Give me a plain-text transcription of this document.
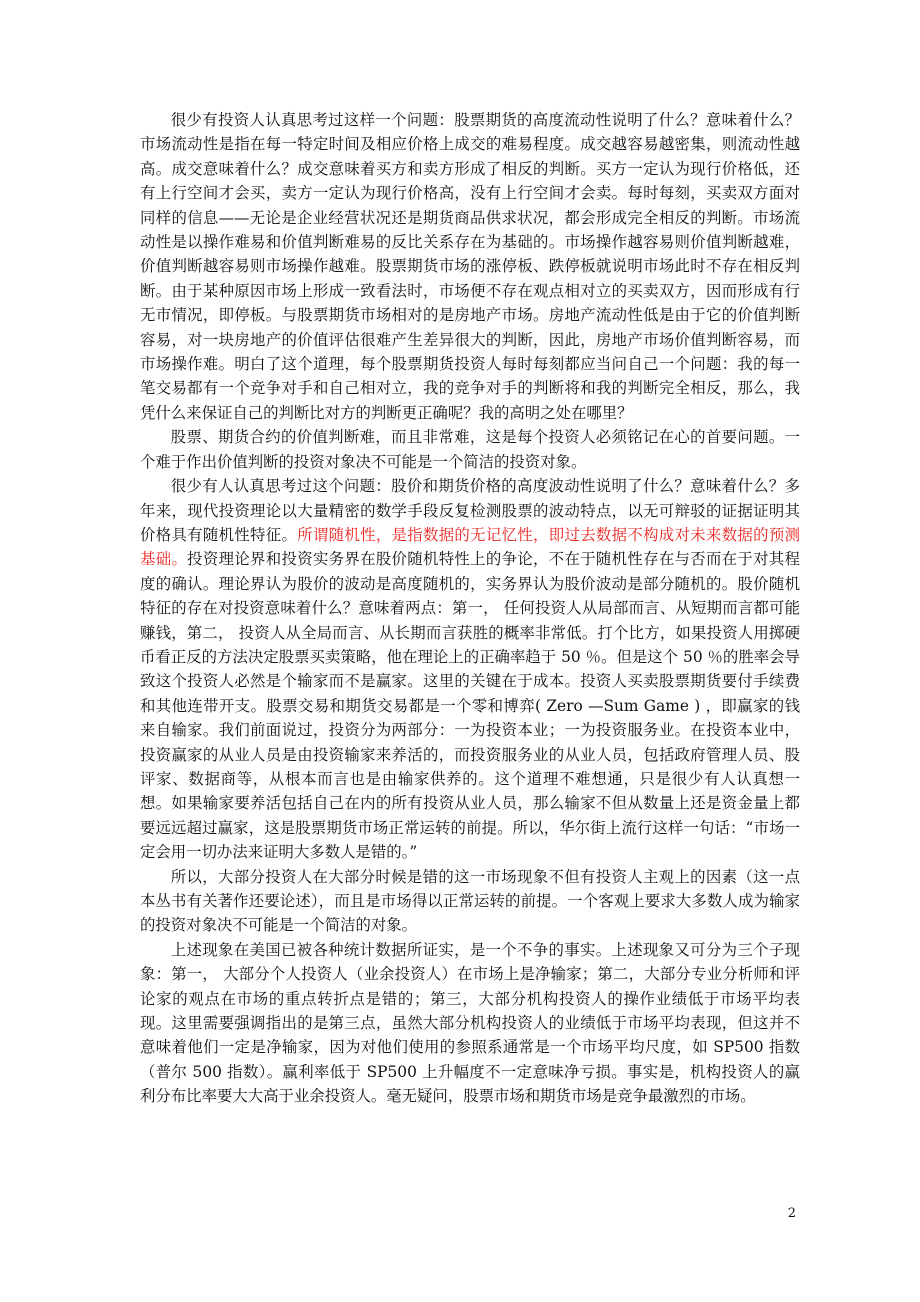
很少有投资人认真思考过这样一个问题：股票期货的高度流动性说明了什么？意味着什么？市场流动性是指在每一特定时间及相应价格上成交的难易程度。成交越容易越密集，则流动性越高。成交意味着什么？成交意味着买方和卖方形成了相反的判断。买方一定认为现行价格低，还有上行空间才会买，卖方一定认为现行价格高，没有上行空间才会卖。每时每刻，买卖双方面对同样的信息——无论是企业经营状况还是期货商品供求状况，都会形成完全相反的判断。市场流动性是以操作难易和价值判断难易的反比关系存在为基础的。市场操作越容易则价值判断越难，价值判断越容易则市场操作越难。股票期货市场的涨停板、跌停板就说明市场此时不存在相反判断。由于某种原因市场上形成一致看法时，市场便不存在观点相对立的买卖双方，因而形成有行无市情况，即停板。与股票期货市场相对的是房地产市场。房地产流动性低是由于它的价值判断容易，对一块房地产的价值评估很难产生差异很大的判断，因此，房地产市场价值判断容易，而市场操作难。明白了这个道理，每个股票期货投资人每时每刻都应当问自己一个问题：我的每一笔交易都有一个竞争对手和自己相对立，我的竞争对手的判断将和我的判断完全相反，那么，我凭什么来保证自己的判断比对方的判断更正确呢？我的高明之处在哪里？

股票、期货合约的价值判断难，而且非常难，这是每个投资人必须铭记在心的首要问题。一个难于作出价值判断的投资对象决不可能是一个简洁的投资对象。

很少有人认真思考过这个问题：股价和期货价格的高度波动性说明了什么？意味着什么？多年来，现代投资理论以大量精密的数学手段反复检测股票的波动特点，以无可辩驳的证据证明其价格具有随机性特征。所谓随机性，是指数据的无记忆性，即过去数据不构成对未来数据的预测基础。投资理论界和投资实务界在股价随机特性上的争论，不在于随机性存在与否而在于对其程度的确认。理论界认为股价的波动是高度随机的，实务界认为股价波动是部分随机的。股价随机特征的存在对投资意味着什么？意味着两点：第一， 任何投资人从局部而言、从短期而言都可能赚钱，第二， 投资人从全局而言、从长期而言获胜的概率非常低。打个比方，如果投资人用掷硬币看正反的方法决定股票买卖策略，他在理论上的正确率趋于 50 ％。但是这个 50 ％的胜率会导致这个投资人必然是个输家而不是赢家。这里的关键在于成本。投资人买卖股票期货要付手续费和其他连带开支。股票交易和期货交易都是一个零和博弈( Zero —Sum Game ) ，即赢家的钱来自输家。我们前面说过，投资分为两部分：一为投资本业；一为投资服务业。在投资本业中，投资赢家的从业人员是由投资输家来养活的，而投资服务业的从业人员，包括政府管理人员、股评家、数据商等，从根本而言也是由输家供养的。这个道理不难想通，只是很少有人认真想一想。如果输家要养活包括自己在内的所有投资从业人员，那么输家不但从数量上还是资金量上都要远远超过赢家，这是股票期货市场正常运转的前提。所以，华尔街上流行这样一句话：“市场一定会用一切办法来证明大多数人是错的。”

所以，大部分投资人在大部分时候是错的这一市场现象不但有投资人主观上的因素（这一点本丛书有关著作还要论述），而且是市场得以正常运转的前提。一个客观上要求大多数人成为输家的投资对象决不可能是一个简洁的对象。

上述现象在美国已被各种统计数据所证实，是一个不争的事实。上述现象又可分为三个子现象：第一， 大部分个人投资人（业余投资人）在市场上是净输家；第二，大部分专业分析师和评论家的观点在市场的重点转折点是错的；第三，大部分机构投资人的操作业绩低于市场平均表现。这里需要强调指出的是第三点，虽然大部分机构投资人的业绩低于市场平均表现，但这并不意味着他们一定是净输家，因为对他们使用的参照系通常是一个市场平均尺度，如 SP500 指数（普尔 500 指数）。赢利率低于 SP500 上升幅度不一定意味净亏损。事实是，机构投资人的赢利分布比率要大大高于业余投资人。毫无疑问，股票市场和期货市场是竞争最激烈的市场。

2
